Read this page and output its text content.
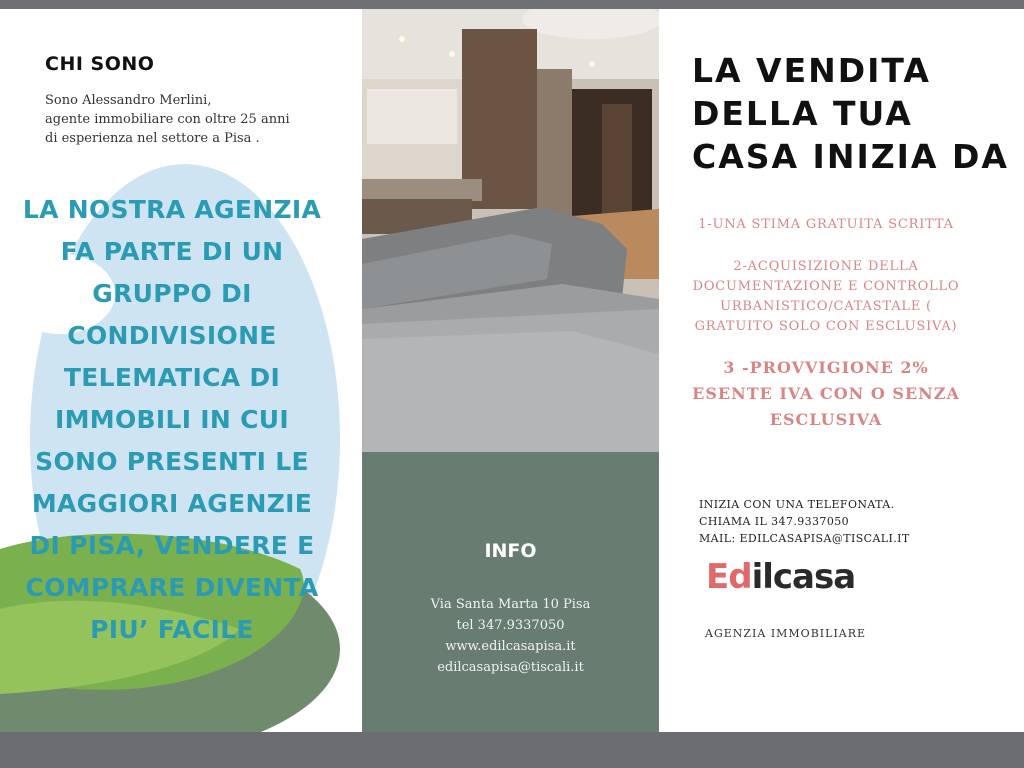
CHI SONO
Sono Alessandro Merlini,
agente immobiliare con oltre 25 anni
di esperienza nel settore a Pisa .
LA NOSTRA AGENZIA
FA PARTE DI UN
GRUPPO DI
CONDIVISIONE
TELEMATICA DI
IMMOBILI IN CUI
SONO PRESENTI LE
MAGGIORI AGENZIE
DI PISA, VENDERE E
COMPRARE DIVENTA
PIU’ FACILE
INFO
Via Santa Marta 10 Pisa
tel 347.9337050
www.edilcasapisa.it
edilcasapisa@tiscali.it
LA VENDITA
DELLA TUA
CASA INIZIA DA
1-UNA STIMA GRATUITA SCRITTA
2-ACQUISIZIONE DELLA
DOCUMENTAZIONE E CONTROLLO
URBANISTICO/CATASTALE (
GRATUITO SOLO CON ESCLUSIVA)
3 -PROVVIGIONE 2%
ESENTE IVA CON O SENZA
ESCLUSIVA
INIZIA CON UNA TELEFONATA.
CHIAMA IL 347.9337050
MAIL: EDILCASAPISA@TISCALI.IT
Edilcasa
AGENZIA IMMOBILIARE
